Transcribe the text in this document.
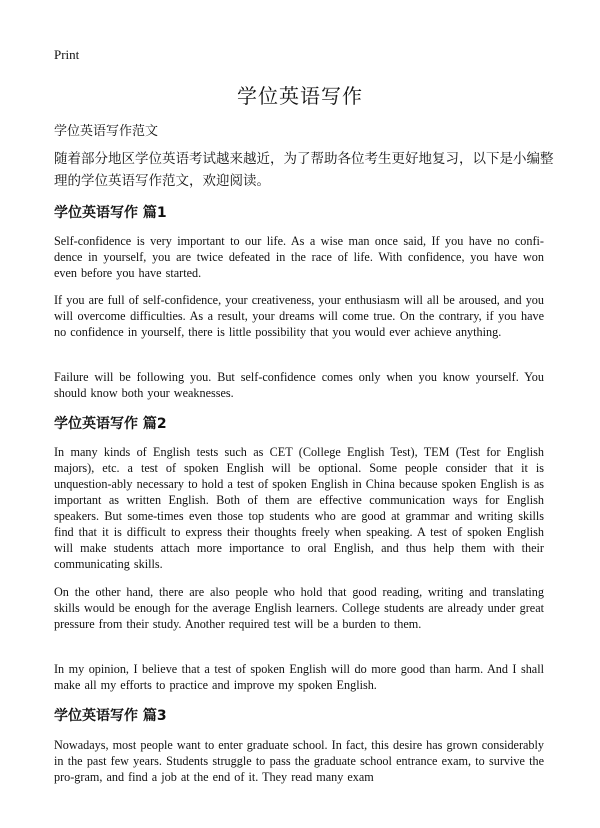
Print
学位英语写作

学位英语写作范文

随着部分地区学位英语考试越来越近，为了帮助各位考生更好地复习，以下是小编整理的学位英语写作范文，欢迎阅读。

学位英语写作 篇1

Self-confidence is very important to our life. As a wise man once said, If you have no confi-dence in yourself, you are twice defeated in the race of life. With confidence, you have won even before you have started.

If you are full of self-confidence, your creativeness, your enthusiasm will all be aroused, and you will overcome difficulties. As a result, your dreams will come true. On the contrary, if you have no confidence in yourself, there is little possibility that you would ever achieve anything.

Failure will be following you. But self-confidence comes only when you know yourself. You should know both your weaknesses.

学位英语写作 篇2

In many kinds of English tests such as CET (College English Test), TEM (Test for English majors), etc. a test of spoken English will be optional. Some people consider that it is unquestion-ably necessary to hold a test of spoken English in China because spoken English is as important as written English. Both of them are effective communication ways for English speakers. But some-times even those top students who are good at grammar and writing skills find that it is difficult to express their thoughts freely when speaking. A test of spoken English will make students attach more importance to oral English, and thus help them with their communicating skills.

On the other hand, there are also people who hold that good reading, writing and translating skills would be enough for the average English learners. College students are already under great pressure from their study. Another required test will be a burden to them.

In my opinion, I believe that a test of spoken English will do more good than harm. And I shall make all my efforts to practice and improve my spoken English.

学位英语写作 篇3

Nowadays, most people want to enter graduate school. In fact, this desire has grown considerably in the past few years. Students struggle to pass the graduate school entrance exam, to survive the pro-gram, and find a job at the end of it. They read many exam
